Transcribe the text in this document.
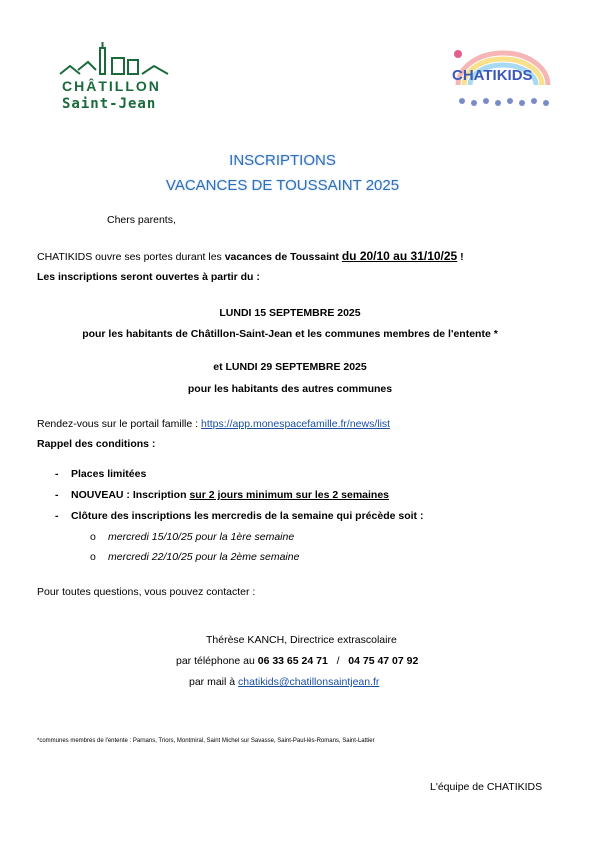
CHÂTILLON
Saint-Jean
CHATIKIDS
INSCRIPTIONS
VACANCES DE TOUSSAINT 2025
Chers parents,
CHATIKIDS ouvre ses portes durant les vacances de Toussaint du 20/10 au 31/10/25 !
Les inscriptions seront ouvertes à partir du :
LUNDI 15 SEPTEMBRE 2025
pour les habitants de Châtillon-Saint-Jean et les communes membres de l'entente *
et LUNDI 29 SEPTEMBRE 2025
pour les habitants des autres communes
Rendez-vous sur le portail famille : https://app.monespacefamille.fr/news/list
Rappel des conditions :
- Places limitées
- NOUVEAU : Inscription sur 2 jours minimum sur les 2 semaines
- Clôture des inscriptions les mercredis de la semaine qui précède soit :
o mercredi 15/10/25 pour la 1ère semaine
o mercredi 22/10/25 pour la 2ème semaine
Pour toutes questions, vous pouvez contacter :
Thérèse KANCH, Directrice extrascolaire
par téléphone au 06 33 65 24 71 / 04 75 47 07 92
par mail à chatikids@chatillonsaintjean.fr
*communes membres de l'entente : Parnans, Triors, Montmiral, Saint Michel sur Savasse, Saint-Paul-lès-Romans, Saint-Lattier
L'équipe de CHATIKIDS
